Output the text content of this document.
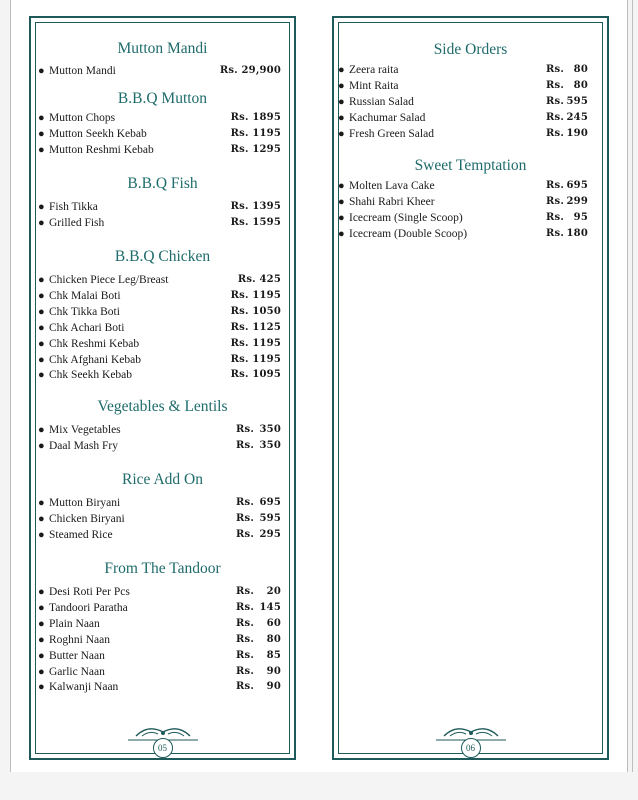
Mutton Mandi
● Mutton Mandi	Rs. 29,900
B.B.Q Mutton
● Mutton Chops	Rs. 1895
● Mutton Seekh Kebab	Rs. 1195
● Mutton Reshmi Kebab	Rs. 1295
B.B.Q Fish
● Fish Tikka	Rs. 1395
● Grilled Fish	Rs. 1595
B.B.Q Chicken
● Chicken Piece Leg/Breast	Rs. 425
● Chk Malai Boti	Rs. 1195
● Chk Tikka Boti	Rs. 1050
● Chk Achari Boti	Rs. 1125
● Chk Reshmi Kebab	Rs. 1195
● Chk Afghani Kebab	Rs. 1195
● Chk Seekh Kebab	Rs. 1095
Vegetables & Lentils
● Mix Vegetables	Rs. 350
● Daal Mash Fry	Rs. 350
Rice Add On
● Mutton Biryani	Rs. 695
● Chicken Biryani	Rs. 595
● Steamed Rice	Rs. 295
From The Tandoor
● Desi Roti Per Pcs	Rs. 20
● Tandoori Paratha	Rs. 145
● Plain Naan	Rs. 60
● Roghni Naan	Rs. 80
● Butter Naan	Rs. 85
● Garlic Naan	Rs. 90
● Kalwanji Naan	Rs. 90
05
Side Orders
● Zeera raita	Rs. 80
● Mint Raita	Rs. 80
● Russian Salad	Rs. 595
● Kachumar Salad	Rs. 245
● Fresh Green Salad	Rs. 190
Sweet Temptation
● Molten Lava Cake	Rs. 695
● Shahi Rabri Kheer	Rs. 299
● Icecream (Single Scoop)	Rs. 95
● Icecream (Double Scoop)	Rs. 180
06
